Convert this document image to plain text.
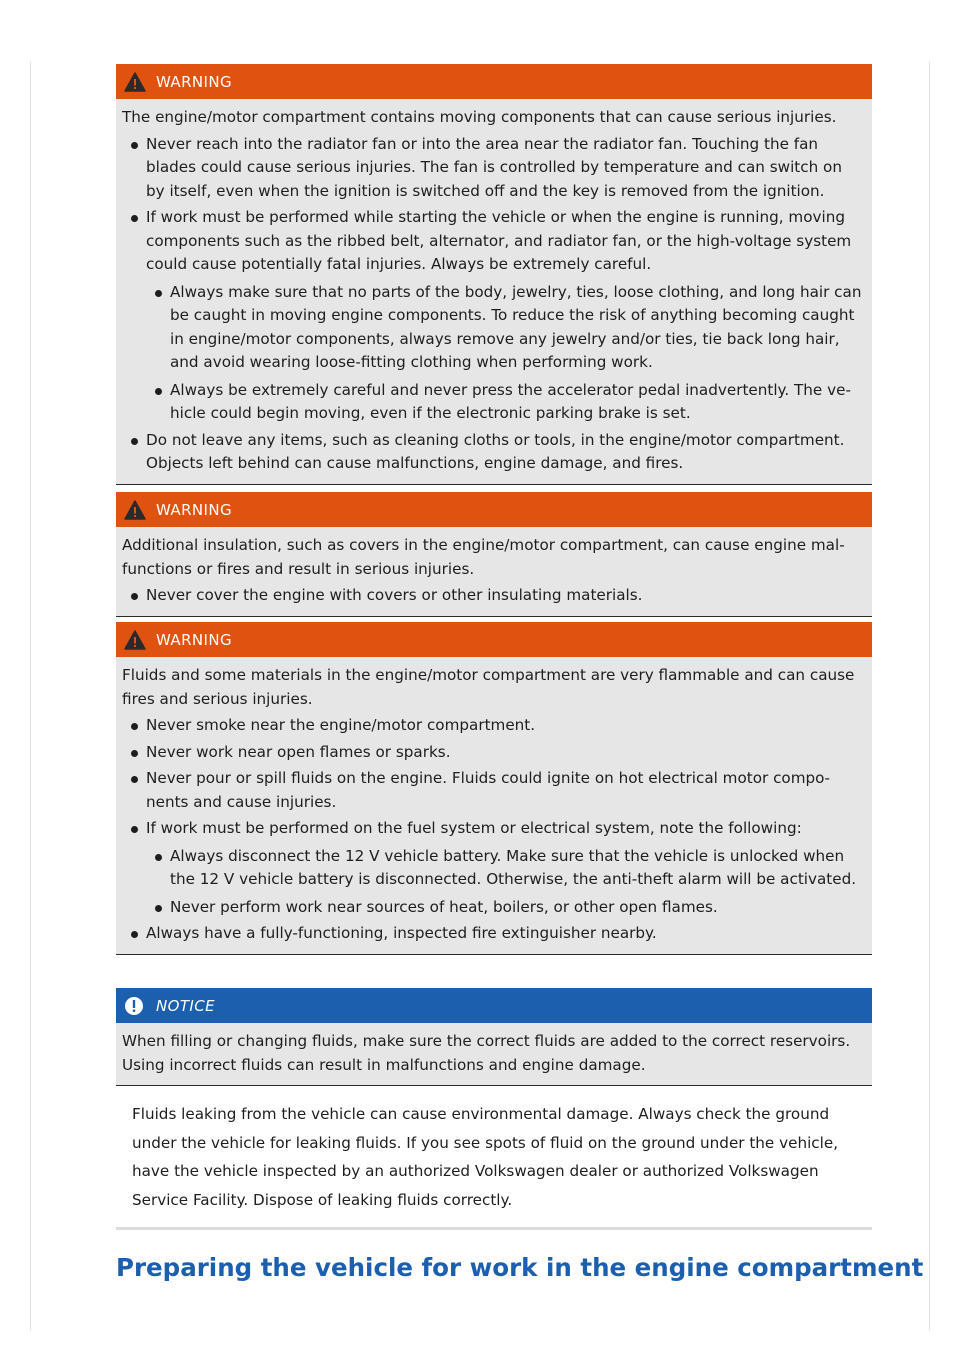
WARNING

The engine/motor compartment contains moving components that can cause serious injuries.

Never reach into the radiator fan or into the area near the radiator fan. Touching the fan blades could cause serious injuries. The fan is controlled by temperature and can switch on by itself, even when the ignition is switched off and the key is removed from the ignition.
If work must be performed while starting the vehicle or when the engine is running, moving components such as the ribbed belt, alternator, and radiator fan, or the high-voltage system could cause potentially fatal injuries. Always be extremely careful.
Always make sure that no parts of the body, jewelry, ties, loose clothing, and long hair can be caught in moving engine components. To reduce the risk of anything becoming caught in engine/motor components, always remove any jewelry and/or ties, tie back long hair, and avoid wearing loose-fitting clothing when performing work.
Always be extremely careful and never press the accelerator pedal inadvertently. The vehicle could begin moving, even if the electronic parking brake is set.
Do not leave any items, such as cleaning cloths or tools, in the engine/motor compartment. Objects left behind can cause malfunctions, engine damage, and fires.
WARNING

Additional insulation, such as covers in the engine/motor compartment, can cause engine malfunctions or fires and result in serious injuries.

Never cover the engine with covers or other insulating materials.
WARNING

Fluids and some materials in the engine/motor compartment are very flammable and can cause fires and serious injuries.

Never smoke near the engine/motor compartment.
Never work near open flames or sparks.
Never pour or spill fluids on the engine. Fluids could ignite on hot electrical motor components and cause injuries.
If work must be performed on the fuel system or electrical system, note the following:
Always disconnect the 12 V vehicle battery. Make sure that the vehicle is unlocked when the 12 V vehicle battery is disconnected. Otherwise, the anti-theft alarm will be activated.
Never perform work near sources of heat, boilers, or other open flames.
Always have a fully-functioning, inspected fire extinguisher nearby.
NOTICE

When filling or changing fluids, make sure the correct fluids are added to the correct reservoirs. Using incorrect fluids can result in malfunctions and engine damage.

Fluids leaking from the vehicle can cause environmental damage. Always check the ground under the vehicle for leaking fluids. If you see spots of fluid on the ground under the vehicle, have the vehicle inspected by an authorized Volkswagen dealer or authorized Volkswagen Service Facility. Dispose of leaking fluids correctly.

Preparing the vehicle for work in the engine compartment
